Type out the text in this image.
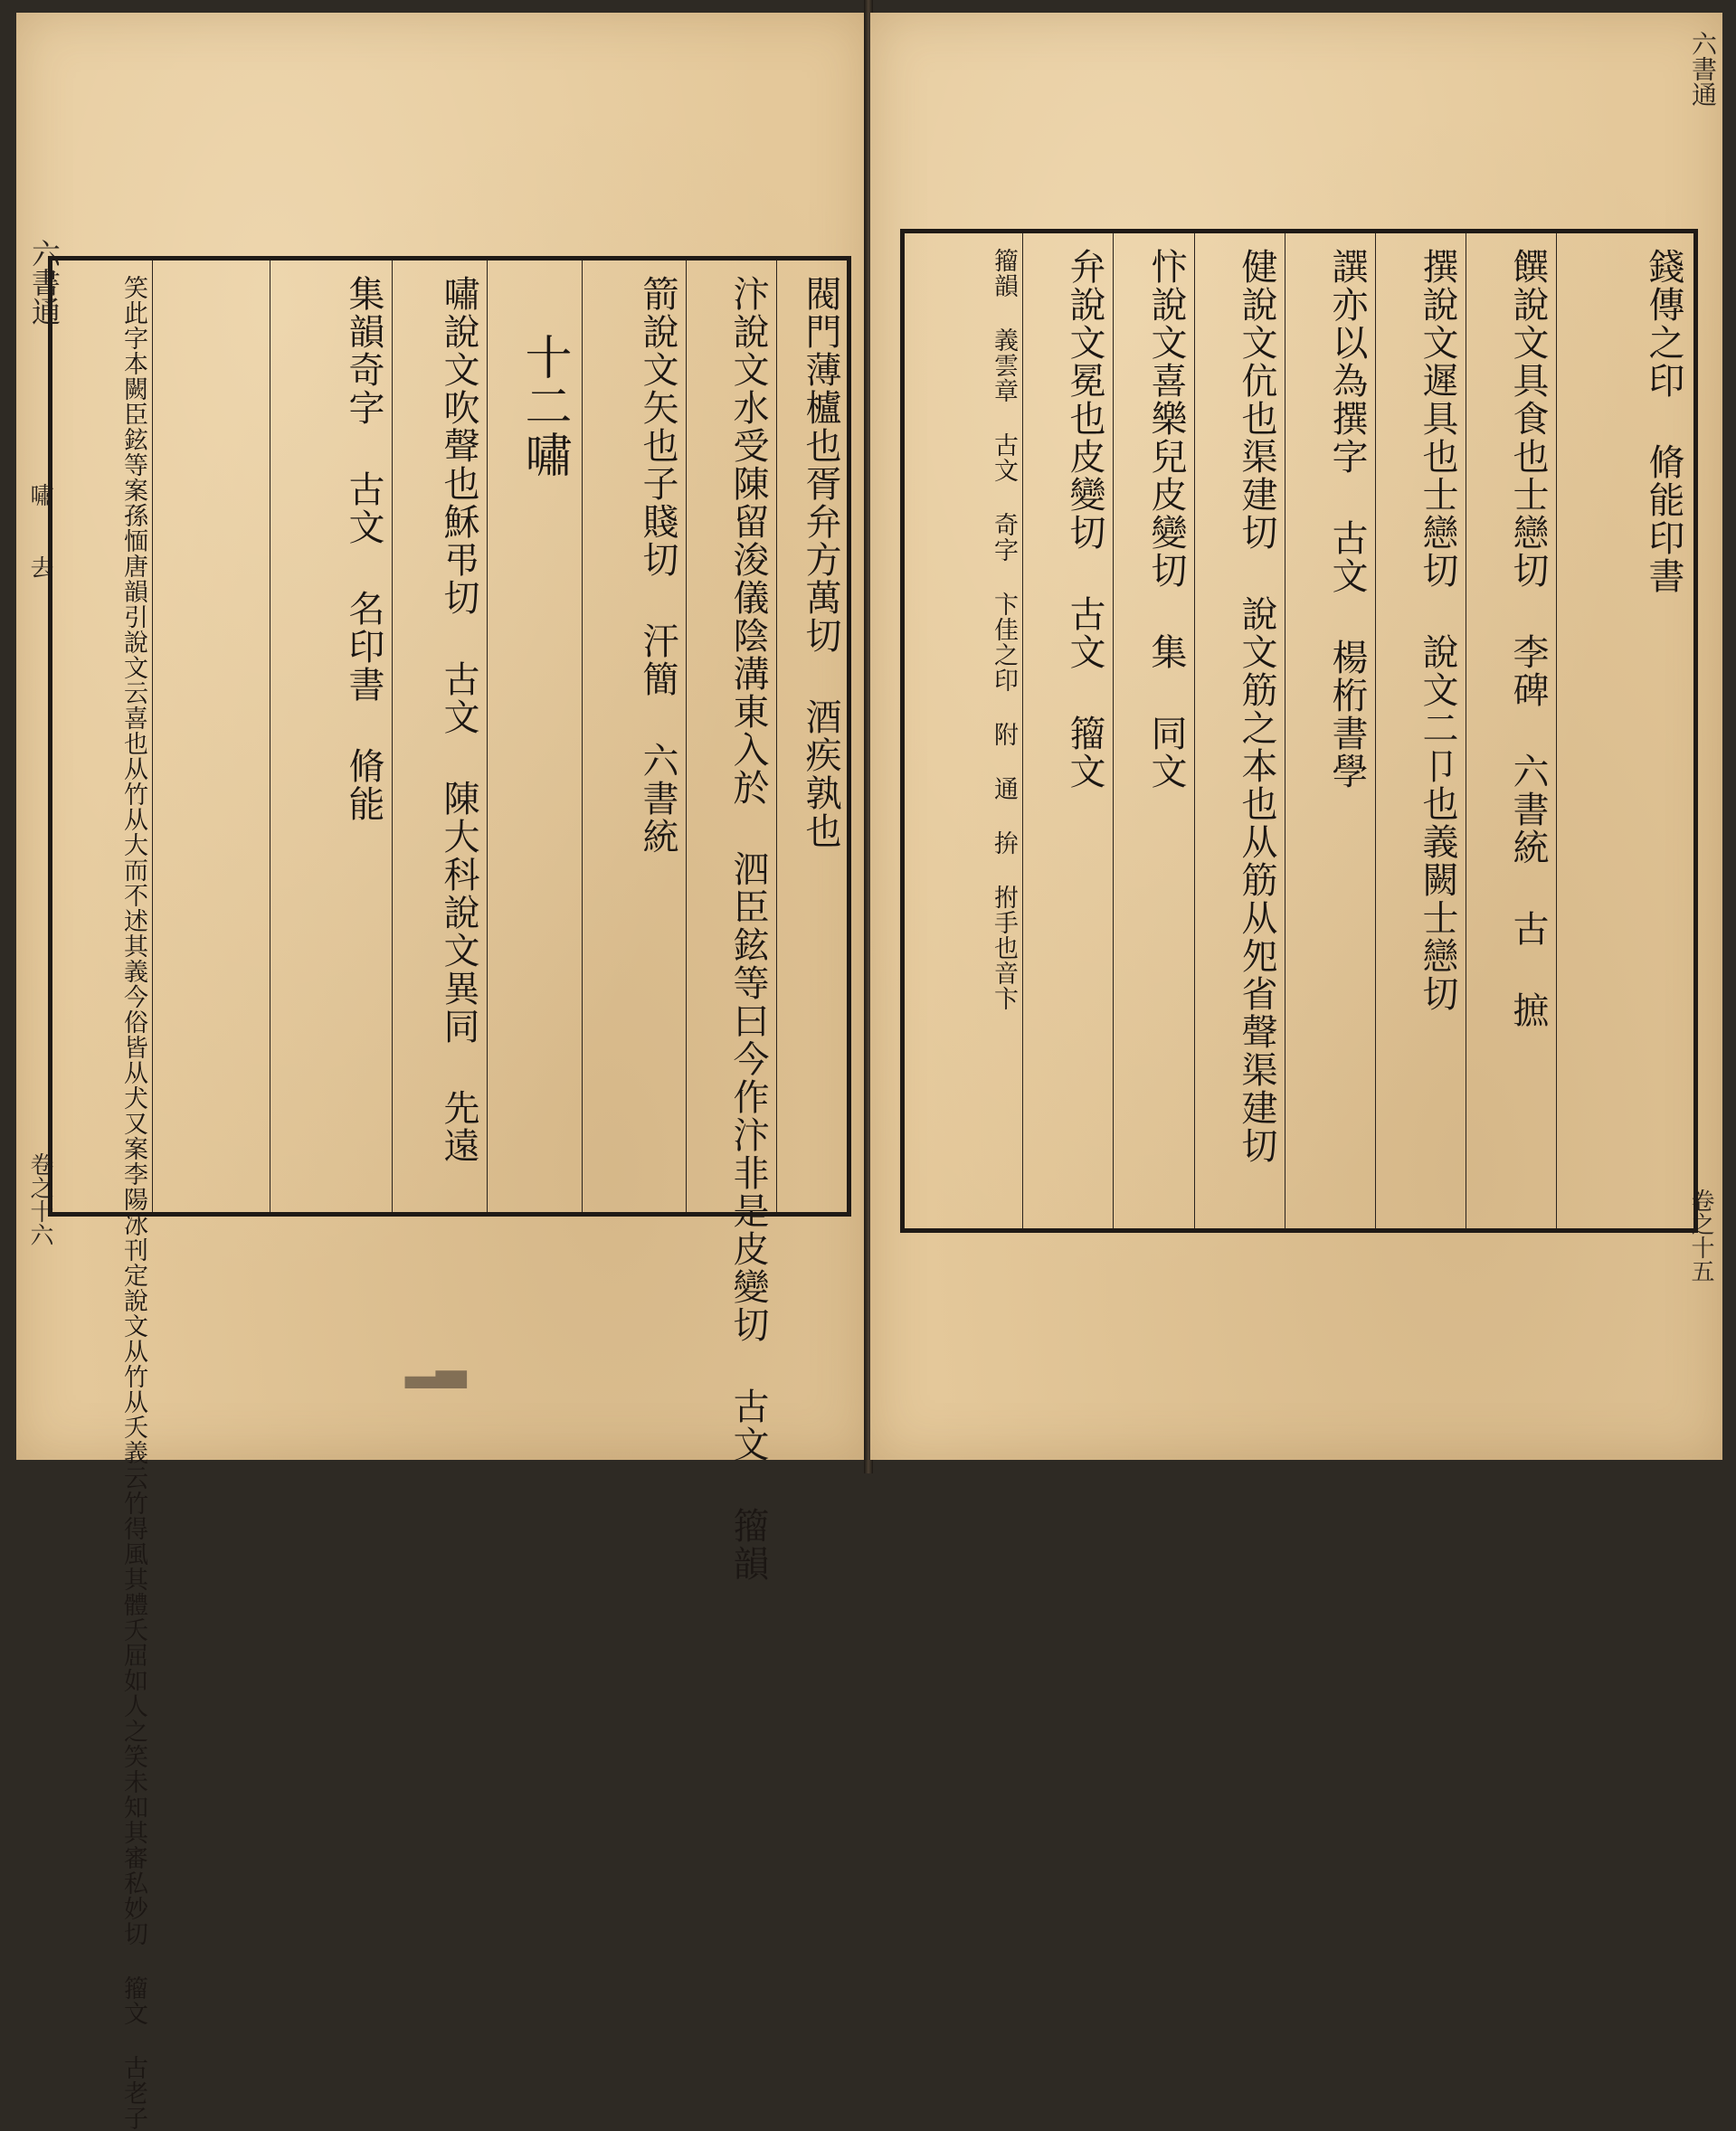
六書通
嘯
去
卷之十六
閥門薄櫨也胥弁方萬切 酒疾孰也
汴說文水受陳留浚儀陰溝東入於 泗臣鉉等曰今作汴非是皮變切 古文 籀韻
箭說文矢也子賤切 汗簡 六書統
十二嘯
嘯說文吹聲也穌弔切 古文 陳大科說文異同 先遠
集韻奇字 古文 名印書 脩能
笑此字本闕臣鉉等案孫愐唐韻引說文云喜也从竹从大而不述其義今俗皆从犬又案李陽冰刊定說文从竹从夭義云竹得風其體夭屈如人之笑未知其審私妙切 籀文 古老子	▂▃
六書通
卷之十五
錢傳之印 脩能印書
饌說文具食也士戀切 李碑 六書統 古 摭
撰說文遲具也士戀切 說文二卩也義闕士戀切
譔亦以為撰字 古文 楊桁書學
健說文伉也渠建切 說文筋之本也从筋从夗省聲渠建切
忭說文喜樂兒皮變切 集 同文
弁說文冕也皮變切 古文 籀文
籀韻 義雲章 古文 奇字 卞佳之印 附 通 拚 拊手也音卞
